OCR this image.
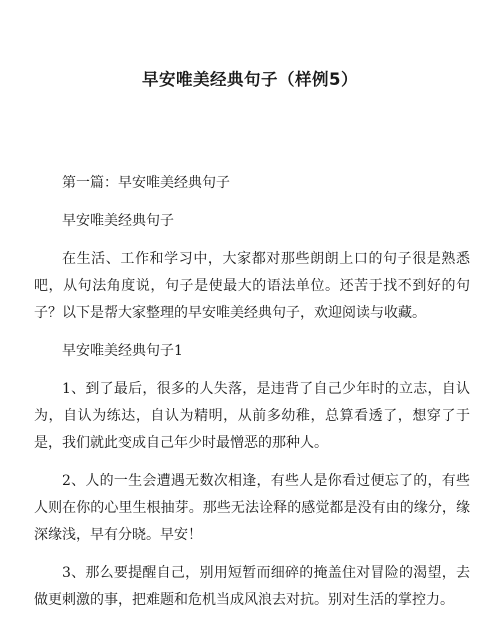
早安唯美经典句子（样例5）

第一篇：早安唯美经典句子

早安唯美经典句子

在生活、工作和学习中，大家都对那些朗朗上口的句子很是熟悉吧，从句法角度说，句子是使最大的语法单位。还苦于找不到好的句子？以下是帮大家整理的早安唯美经典句子，欢迎阅读与收藏。

早安唯美经典句子1

1、到了最后，很多的人失落，是违背了自己少年时的立志，自认为，自认为练达，自认为精明，从前多幼稚，总算看透了，想穿了于是，我们就此变成自己年少时最憎恶的那种人。

2、人的一生会遭遇无数次相逢，有些人是你看过便忘了的，有些人则在你的心里生根抽芽。那些无法诠释的感觉都是没有由的缘分，缘深缘浅，早有分晓。早安！

3、那么要提醒自己，别用短暂而细碎的掩盖住对冒险的渴望，去做更刺激的事，把难题和危机当成风浪去对抗。别对生活的掌控力。
